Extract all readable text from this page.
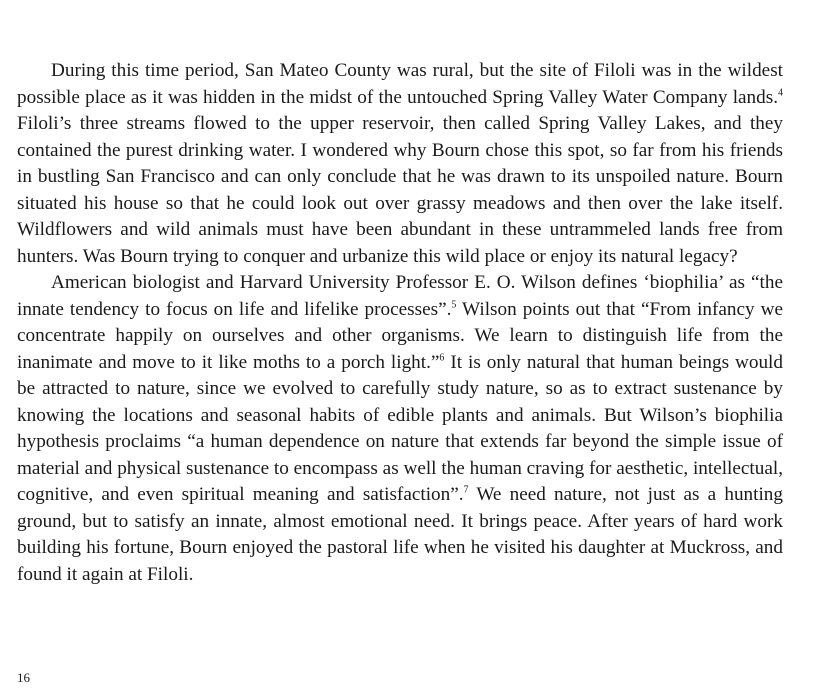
During this time period, San Mateo County was rural, but the site of Filoli was in the wildest possible place as it was hidden in the midst of the untouched Spring Valley Water Company lands.$^4$ Filoli’s three streams flowed to the upper reservoir, then called Spring Valley Lakes, and they contained the purest drinking water. I wondered why Bourn chose this spot, so far from his friends in bustling San Francisco and can only conclude that he was drawn to its unspoiled nature. Bourn situated his house so that he could look out over grassy meadows and then over the lake itself. Wildflowers and wild animals must have been abundant in these untrammeled lands free from hunters. Was Bourn trying to conquer and urbanize this wild place or enjoy its natural legacy?

American biologist and Harvard University Professor E. O. Wilson defines ‘biophilia’ as “the innate tendency to focus on life and lifelike processes”.$^5$ Wilson points out that “From infancy we concentrate happily on ourselves and other organisms. We learn to distinguish life from the inanimate and move to it like moths to a porch light.”$^6$ It is only natural that human beings would be attracted to nature, since we evolved to carefully study nature, so as to extract sustenance by knowing the locations and seasonal habits of edible plants and animals. But Wilson’s biophilia hypothesis proclaims “a human dependence on nature that extends far beyond the simple issue of material and physical sustenance to encompass as well the human craving for aesthetic, intellectual, cognitive, and even spiritual meaning and satisfaction”.$^7$ We need nature, not just as a hunting ground, but to satisfy an innate, almost emotional need. It brings peace. After years of hard work building his fortune, Bourn enjoyed the pastoral life when he visited his daughter at Muckross, and found it again at Filoli.

16
